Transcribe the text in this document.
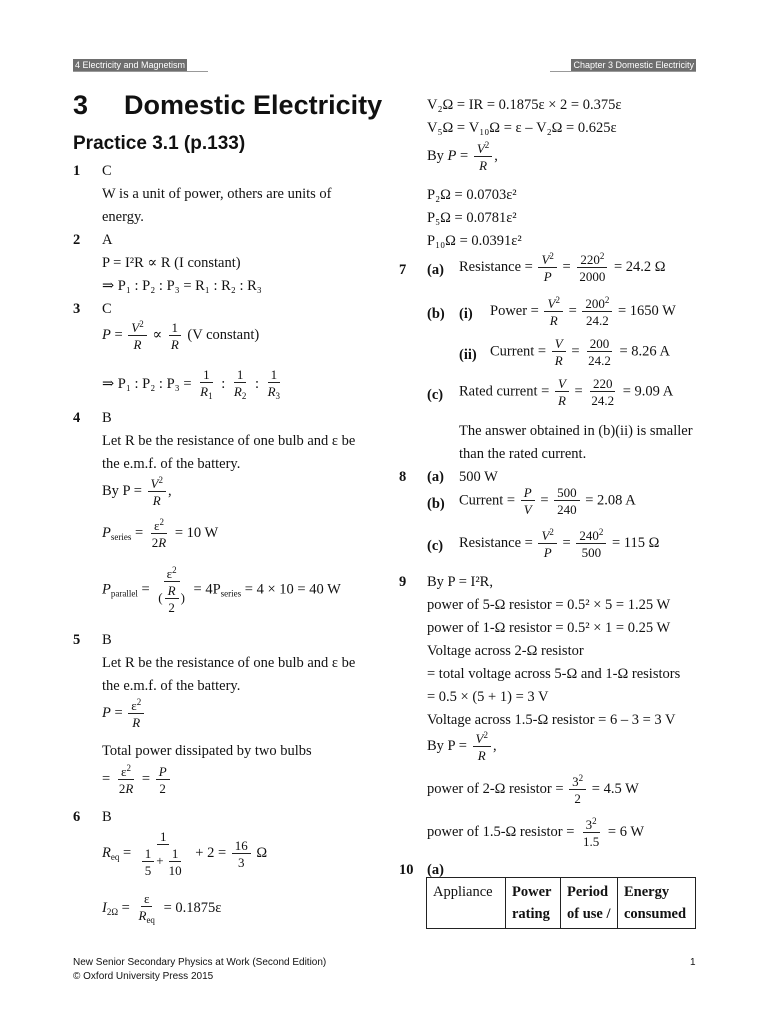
4 Electricity and Magnetism	Chapter 3 Domestic Electricity
3 Domestic Electricity
Practice 3.1 (p.133)
1 C
W is a unit of power, others are units of
energy.
2 A
P = I²R ∝ R (I constant)
⇒ P₁ : P₂ : P₃ = R₁ : R₂ : R₃
3 C
$P = \frac{V^2}{R} \propto \frac{1}{R} (V$ constant)
⇒ P₁ : P₂ : $P_3 = \frac{1}{R_1}$ : $\frac{1}{R_2}$ : $\frac{1}{R_3}$
4 B
Let R be the resistance of one bulb and ε be
the e.m.f. of the battery.
By $P = \frac{V^2}{R}$ ,
$P_{series} = \frac{\varepsilon^2}{2R} = 10$ W
$P_{parallel} = \frac{\varepsilon^2}{( \frac{R}{2} )} = 4P_{series} = 4 \times 10 = 40$ W
5 B
Let R be the resistance of one bulb and ε be
the e.m.f. of the battery.
$P = \frac{\varepsilon^2}{R}$
Total power dissipated by two bulbs
= $\frac{\varepsilon^2}{2R} = \frac{P}{2}$
6 B
$R_{eq} = \frac{1}{\frac{1}{5} + \frac{1}{10}} + 2 = \frac{16}{3}$ Ω
$I_{2\Omega} = \frac{\varepsilon}{R_{eq}} = 0.1875\varepsilon$
V₂Ω = IR = 0.1875ε × 2 = 0.375ε
V₅Ω = V₁₀Ω = ε – V₂Ω = 0.625ε
By $P = \frac{V^2}{R}$ ,
P₂Ω = 0.0703ε²
P₅Ω = 0.0781ε²
P₁₀Ω = 0.0391ε²
7 (a) Resistance = $\frac{V^2}{P} = \frac{220^2}{2000} = 24.2$ Ω
(b) (i) Power = $\frac{V^2}{R} = \frac{200^2}{24.2} = 1650$ W
(ii) Current = $\frac{V}{R} = \frac{200}{24.2} = 8.26$ A
(c) Rated current = $\frac{V}{R} = \frac{220}{24.2} = 9.09$ A
The answer obtained in (b)(ii) is smaller
than the rated current.
8 (a) 500 W
(b) Current = $\frac{P}{V} = \frac{500}{240} = 2.08$ A
(c) Resistance = $\frac{V^2}{P} = \frac{240^2}{500} = 115$ Ω
9 By P = I²R,
power of 5-Ω resistor = 0.5² × 5 = 1.25 W
power of 1-Ω resistor = 0.5² × 1 = 0.25 W
Voltage across 2-Ω resistor
= total voltage across 5-Ω and 1-Ω resistors
= 0.5 × (5 + 1) = 3 V
Voltage across 1.5-Ω resistor = 6 – 3 = 3 V
By $P = \frac{V^2}{R}$ ,
power of 2-Ω resistor = $\frac{3^2}{2} = 4.5$ W
power of 1.5-Ω resistor = $\frac{3^2}{1.5} = 6$ W
10 (a)
Appliance	Power rating	Period of use /	Energy consumed
New Senior Secondary Physics at Work (Second Edition)
© Oxford University Press 2015
1
